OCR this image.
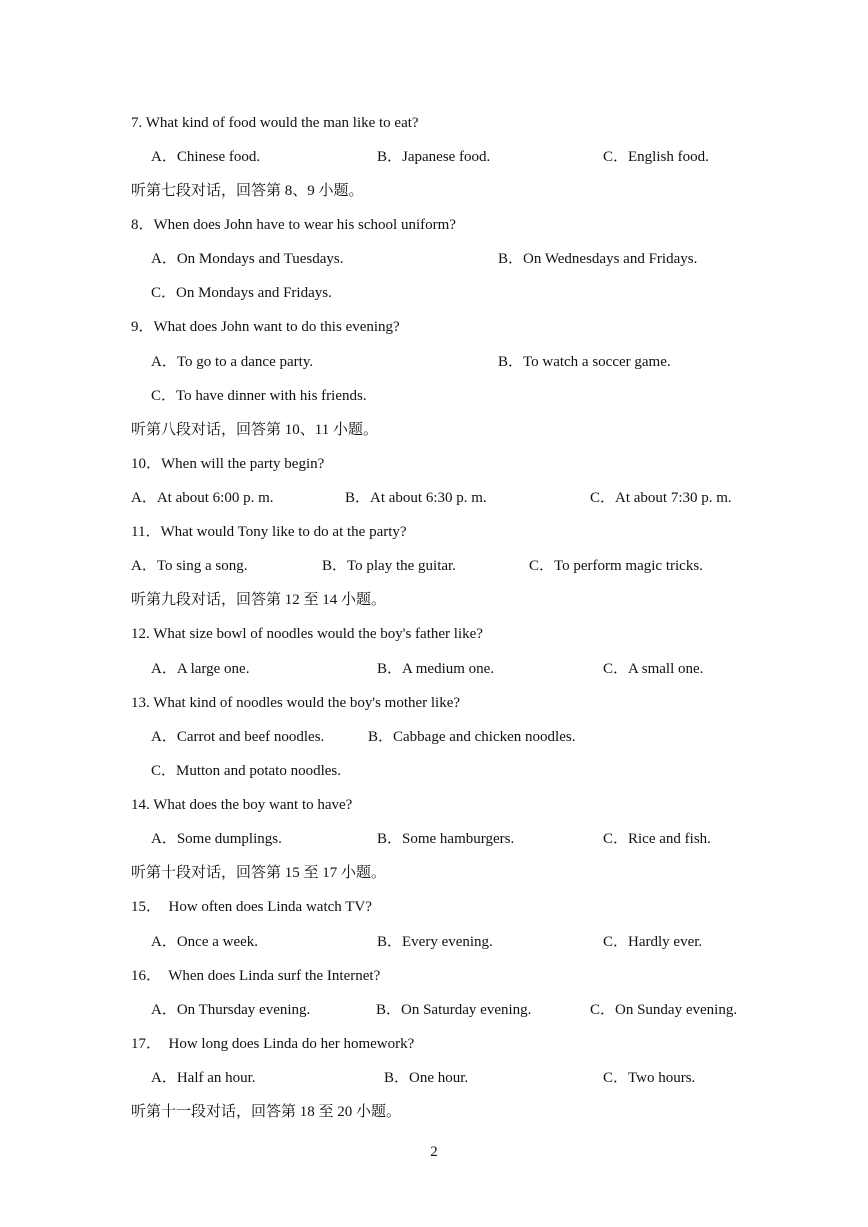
7. What kind of food would the man like to eat?
A．Chinese food.	B．Japanese food.	C．English food.
听第七段对话，回答第 8、9 小题。
8．When does John have to wear his school uniform?
A．On Mondays and Tuesdays.	B．On Wednesdays and Fridays.
C．On Mondays and Fridays.
9．What does John want to do this evening?
A．To go to a dance party.	B．To watch a soccer game.
C．To have dinner with his friends.
听第八段对话，回答第 10、11 小题。
10．When will the party begin?
A．At about 6:00 p. m.	B．At about 6:30 p. m.	C．At about 7:30 p. m.
11．What would Tony like to do at the party?
A．To sing a song.	B．To play the guitar.	C．To perform magic tricks.
听第九段对话，回答第 12 至 14 小题。
12. What size bowl of noodles would the boy's father like?
A．A large one.	B．A medium one.	C．A small one.
13. What kind of noodles would the boy's mother like?
A．Carrot and beef noodles.	B．Cabbage and chicken noodles.
C．Mutton and potato noodles.
14. What does the boy want to have?
A．Some dumplings.	B．Some hamburgers.	C．Rice and fish.
听第十段对话，回答第 15 至 17 小题。
15．  How often does Linda watch TV?
A．Once a week.	B．Every evening.	C．Hardly ever.
16．  When does Linda surf the Internet?
A．On Thursday evening.	B．On Saturday evening.	C．On Sunday evening.
17．  How long does Linda do her homework?
A．Half an hour.	B．One hour.	C．Two hours.
听第十一段对话，回答第 18 至 20 小题。
2
